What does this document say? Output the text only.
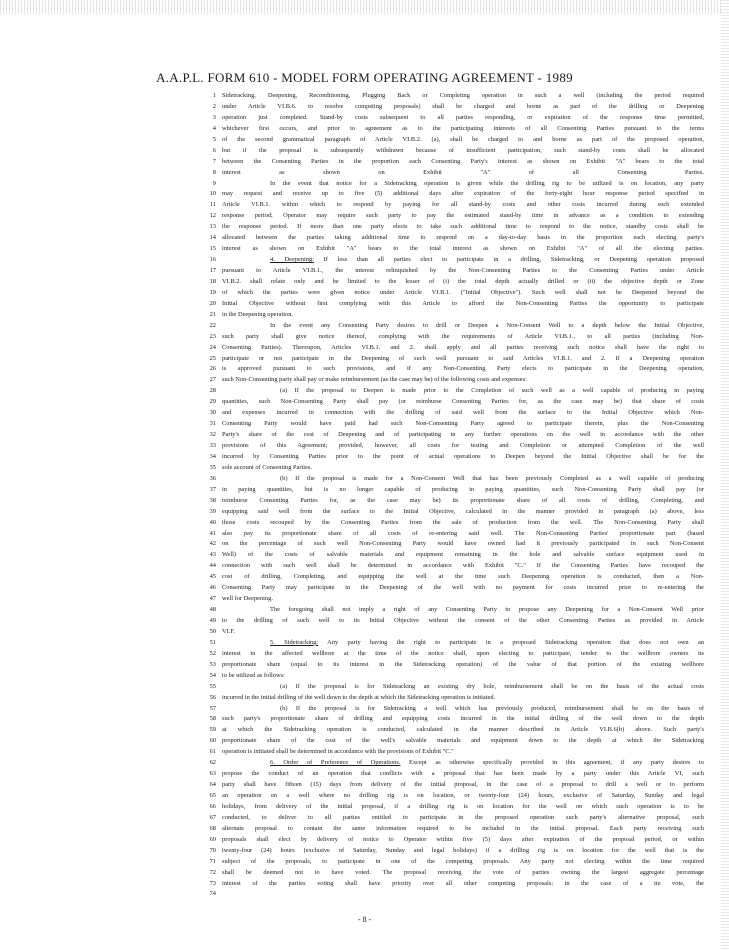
A.A.P.L. FORM 610 - MODEL FORM OPERATING AGREEMENT - 1989
1 Sidetracking, Deepening, Reconditioning, Plugging Back or Completing operation in such a well (including the period required
2 under Article VI.B.6. to resolve competing proposals) shall be charged and borne as part of the drilling or Deepening
3 operation just completed. Stand-by costs subsequent to all parties responding, or expiration of the response time permitted,
4 whichever first occurs, and prior to agreement as to the participating interests of all Consenting Parties pursuant to the terms
5 of the second grammatical paragraph of Article VI.B.2. (a), shall be charged to and borne as part of the proposed operation,
6 but if the proposal is subsequently withdrawn because of insufficient participation, such stand-by costs shall be allocated
7 between the Consenting Parties in the proportion each Consenting Party's interest as shown on Exhibit "A" bears to the total
8 interest as shown on Exhibit "A" of all Consenting Parties.
9	In the event that notice for a Sidetracking operation is given while the drilling rig to be utilized is on location, any party
10 may request and receive up to five (5) additional days after expiration of the forty-eight hour response period specified in
11 Article VI.B.1. within which to respond by paying for all stand-by costs and other costs incurred during such extended
12 response period; Operator may require such party to pay the estimated stand-by time in advance as a condition to extending
13 the response period. If more than one party elects to take such additional time to respond to the notice, standby costs shall be
14 allocated between the parties taking additional time to respond on a day-to-day basis in the proportion each electing party's
15 interest as shown on Exhibit "A" bears to the total interest as shown on Exhibit "A" of all the electing parties.
16	4. Deepening: If less than all parties elect to participate in a drilling, Sidetracking, or Deepening operation proposed
17 pursuant to Article VI.B.1., the interest relinquished by the Non-Consenting Parties to the Consenting Parties under Article
18 VI.B.2. shall relate only and be limited to the lesser of (i) the total depth actually drilled or (ii) the objective depth or Zone
19 of which the parties were given notice under Article VI.B.1. ("Initial Objective"). Such well shall not be Deepened beyond the
20 Initial Objective without first complying with this Article to afford the Non-Consenting Parties the opportunity to participate
21 in the Deepening operation.
22	In the event any Consenting Party desires to drill or Deepen a Non-Consent Well to a depth below the Initial Objective,
23 such party shall give notice thereof, complying with the requirements of Article VI.B.1., to all parties (including Non-
24 Consenting Parties). Thereupon, Articles VI.B.1. and 2. shall apply and all parties receiving such notice shall have the right to
25 participate or not participate in the Deepening of such well pursuant to said Articles VI.B.1. and 2. If a Deepening operation
26 is approved pursuant to such provisions, and if any Non-Consenting Party elects to participate in the Deepening operation,
27 such Non-Consenting party shall pay or make reimbursement (as the case may be) of the following costs and expenses:
28	(a) If the proposal to Deepen is made prior to the Completion of such well as a well capable of producing in paying
29 quantities, such Non-Consenting Party shall pay (or reimburse Consenting Parties for, as the case may be) that share of costs
30 and expenses incurred in connection with the drilling of said well from the surface to the Initial Objective which Non-
31 Consenting Party would have paid had such Non-Consenting Party agreed to participate therein, plus the Non-Consenting
32 Party's share of the cost of Deepening and of participating in any further operations on the well in accordance with the other
33 provisions of this Agreement; provided, however, all costs for testing and Completion or attempted Completion of the well
34 incurred by Consenting Parties prior to the point of actual operations to Deepen beyond the Initial Objective shall be for the
35 sole account of Consenting Parties.
36	(b) If the proposal is made for a Non-Consent Well that has been previously Completed as a well capable of producing
37 in paying quantities, but is no longer capable of producing in paying quantities, such Non-Consenting Party shall pay (or
38 reimburse Consenting Parties for, as the case may be) its proportionate share of all costs of drilling, Completing, and
39 equipping said well from the surface to the Initial Objective, calculated in the manner provided in paragraph (a) above, less
40 those costs recouped by the Consenting Parties from the sale of production from the well. The Non-Consenting Party shall
41 also pay its proportionate share of all costs of re-entering said well. The Non-Consenting Parties' proportionate part (based
42 on the percentage of such well Non-Consenting Party would have owned had it previously participated in such Non-Consent
43 Well) of the costs of salvable materials and equipment remaining in the hole and salvable surface equipment used in
44 connection with such well shall be determined in accordance with Exhibit "C." If the Consenting Parties have recouped the
45 cost of drilling, Completing, and equipping the well at the time such Deepening operation is conducted, then a Non-
46 Consenting Party may participate in the Deepening of the well with no payment for costs incurred prior to re-entering the
47 well for Deepening.
48	The foregoing shall not imply a right of any Consenting Party to propose any Deepening for a Non-Consent Well prior
49 to the drilling of such well to its Initial Objective without the consent of the other Consenting Parties as provided in Article
50 VI.F.
51	5. Sidetracking: Any party having the right to participate in a proposed Sidetracking operation that does not own an
52 interest in the affected wellbore at the time of the notice shall, upon electing to participate, tender to the wellbore owners its
53 proportionate share (equal to its interest in the Sidetracking operation) of the value of that portion of the existing wellbore
54 to be utilized as follows:
55	(a) If the proposal is for Sidetracking an existing dry hole, reimbursement shall be on the basis of the actual costs
56 incurred in the initial drilling of the well down to the depth at which the Sidetracking operation is initiated.
57	(b) If the proposal is for Sidetracking a well which has previously produced, reimbursement shall be on the basis of
58 such party's proportionate share of drilling and equipping costs incurred in the initial drilling of the well down to the depth
59 at which the Sidetracking operation is conducted, calculated in the manner described in Article VI.B.6(b) above. Such party's
60 proportionate share of the cost of the well's salvable materials and equipment down to the depth at which the Sidetracking
61 operation is initiated shall be determined in accordance with the provisions of Exhibit "C."
62	6. Order of Preference of Operations. Except as otherwise specifically provided in this agreement, if any party desires to
63 propose the conduct of an operation that conflicts with a proposal that has been made by a party under this Article VI, such
64 party shall have fifteen (15) days from delivery of the initial proposal, in the case of a proposal to drill a well or to perform
65 an operation on a well where no drilling rig is on location, or twenty-four (24) hours, exclusive of Saturday, Sunday and legal
66 holidays, from delivery of the initial proposal, if a drilling rig is on location for the well on which such operation is to be
67 conducted, to deliver to all parties entitled to participate in the proposed operation such party's alternative proposal, such
68 alternate proposal to contain the same information required to be included in the initial proposal. Each party receiving such
69 proposals shall elect by delivery of notice to Operator within five (5) days after expiration of the proposal period, or within
70 twenty-four (24) hours (exclusive of Saturday, Sunday and legal holidays) if a drilling rig is on location for the well that is the
71 subject of the proposals, to participate in one of the competing proposals. Any party not electing within the time required
72 shall be deemed not to have voted. The proposal receiving the vote of parties owning the largest aggregate percentage
73 interest of the parties voting shall have priority over all other competing proposals; in the case of a tie vote, the
74
- 8 -
